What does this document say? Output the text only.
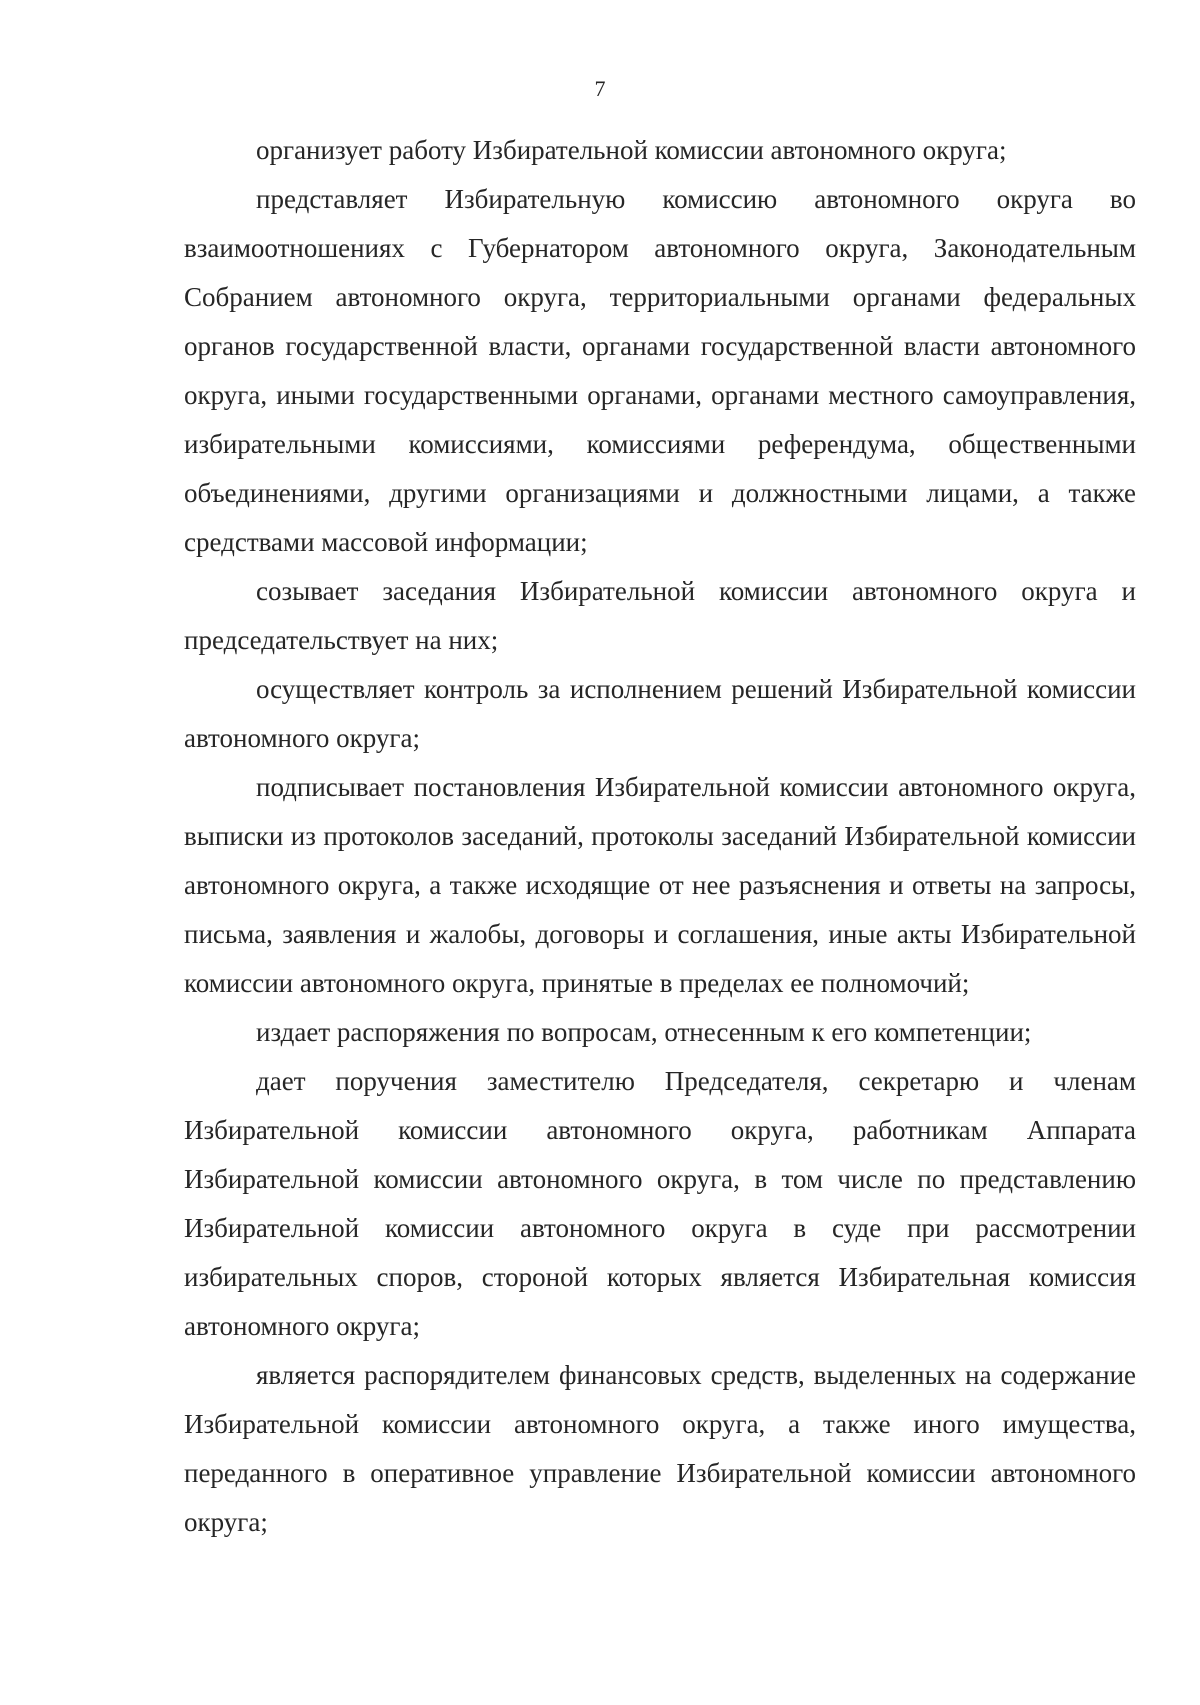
7

организует работу Избирательной комиссии автономного округа;

представляет Избирательную комиссию автономного округа во взаимоотношениях с Губернатором автономного округа, Законодательным Собранием автономного округа, территориальными органами федеральных органов государственной власти, органами государственной власти автономного округа, иными государственными органами, органами местного самоуправления, избирательными комиссиями, комиссиями референдума, общественными объединениями, другими организациями и должностными лицами, а также средствами массовой информации;

созывает заседания Избирательной комиссии автономного округа и председательствует на них;

осуществляет контроль за исполнением решений Избирательной комиссии автономного округа;

подписывает постановления Избирательной комиссии автономного округа, выписки из протоколов заседаний, протоколы заседаний Избирательной комиссии автономного округа, а также исходящие от нее разъяснения и ответы на запросы, письма, заявления и жалобы, договоры и соглашения, иные акты Избирательной комиссии автономного округа, принятые в пределах ее полномочий;

издает распоряжения по вопросам, отнесенным к его компетенции;

дает поручения заместителю Председателя, секретарю и членам Избирательной комиссии автономного округа, работникам Аппарата Избирательной комиссии автономного округа, в том числе по представлению Избирательной комиссии автономного округа в суде при рассмотрении избирательных споров, стороной которых является Избирательная комиссия автономного округа;

является распорядителем финансовых средств, выделенных на содержание Избирательной комиссии автономного округа, а также иного имущества, переданного в оперативное управление Избирательной комиссии автономного округа;
